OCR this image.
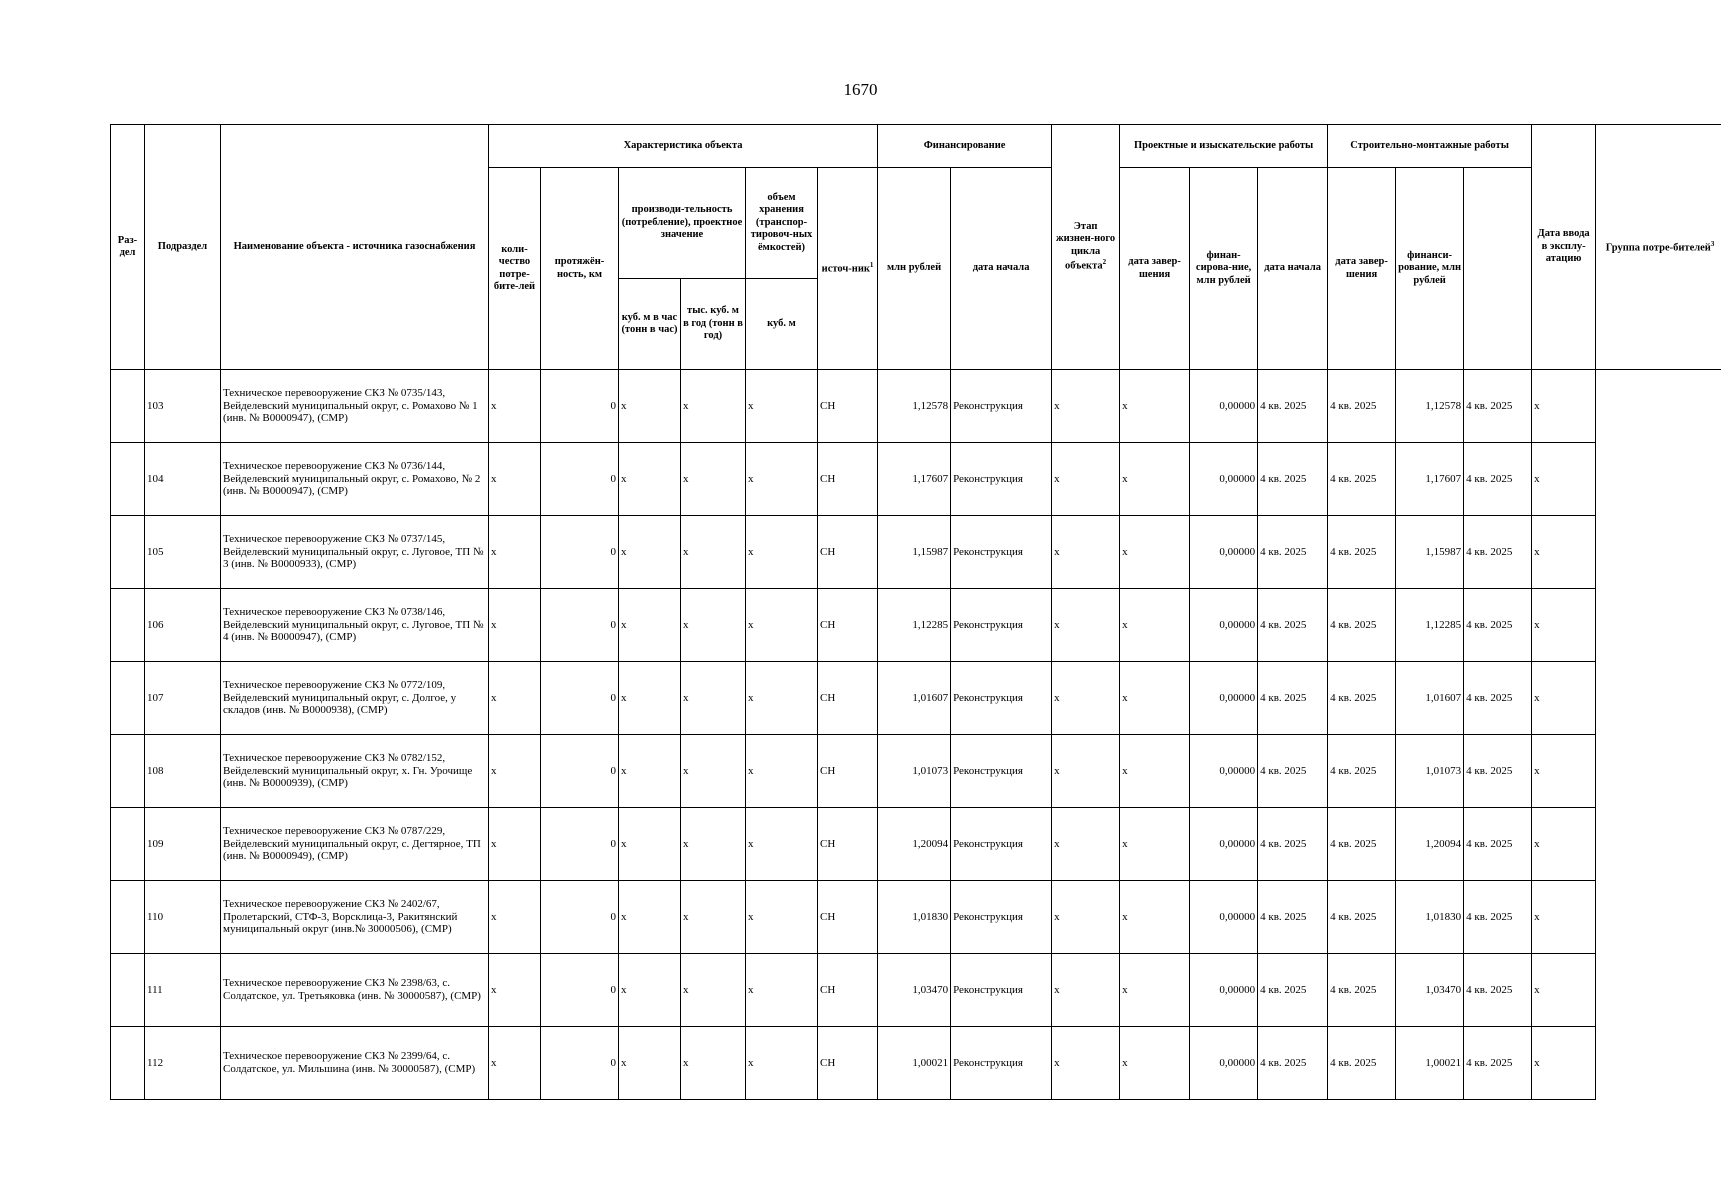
1670
Раз- дел	Подраздел	Наименование объекта - источника газоснабжения	Характеристика объекта						Финансирование		Этап жизнен-ного цикла объекта$^2$	Проектные и изыскательские работы			Строительно-монтажные работы			Дата ввода в эксплу-атацию	Группа потре-бителей$^3$
			коли-чество потре-бите-лей	протяжён-ность, км	производи-тельность (потребление), проектное значение		объем хранения (транспор-тировоч-ных ёмкостей)	источ-ник$^1$	млн рублей	дата начала		дата завер-шения	финан-сирова-ние, млн рублей	дата начала	дата завер-шения	финанси-рование, млн рублей		
					куб. м в час (тонн в час)	тыс. куб. м в год (тонн в год)	куб. м												
	103	Техническое перевооружение СКЗ № 0735/143, Вейделевский муниципальный округ, с. Ромахово № 1 (инв. № В0000947), (СМР)	х	0	х	х	х	СН	1,12578	Реконструкция	х	х	0,00000	4 кв. 2025	4 кв. 2025	1,12578	4 кв. 2025	х	
	104	Техническое перевооружение СКЗ № 0736/144, Вейделевский муниципальный округ, с. Ромахово, № 2 (инв. № В0000947), (СМР)	х	0	х	х	х	СН	1,17607	Реконструкция	х	х	0,00000	4 кв. 2025	4 кв. 2025	1,17607	4 кв. 2025	х	
	105	Техническое перевооружение СКЗ № 0737/145, Вейделевский муниципальный округ, с. Луговое, ТП № 3 (инв. № В0000933), (СМР)	х	0	х	х	х	СН	1,15987	Реконструкция	х	х	0,00000	4 кв. 2025	4 кв. 2025	1,15987	4 кв. 2025	х	
	106	Техническое перевооружение СКЗ № 0738/146, Вейделевский муниципальный округ, с. Луговое, ТП № 4 (инв. № В0000947), (СМР)	х	0	х	х	х	СН	1,12285	Реконструкция	х	х	0,00000	4 кв. 2025	4 кв. 2025	1,12285	4 кв. 2025	х	
	107	Техническое перевооружение СКЗ № 0772/109, Вейделевский муниципальный округ, с. Долгое, у складов (инв. № В0000938), (СМР)	х	0	х	х	х	СН	1,01607	Реконструкция	х	х	0,00000	4 кв. 2025	4 кв. 2025	1,01607	4 кв. 2025	х	
	108	Техническое перевооружение СКЗ № 0782/152, Вейделевский муниципальный округ, х. Гн. Урочище (инв. № В0000939), (СМР)	х	0	х	х	х	СН	1,01073	Реконструкция	х	х	0,00000	4 кв. 2025	4 кв. 2025	1,01073	4 кв. 2025	х	
	109	Техническое перевооружение СКЗ № 0787/229, Вейделевский муниципальный округ, с. Дегтярное, ТП (инв. № В0000949), (СМР)	х	0	х	х	х	СН	1,20094	Реконструкция	х	х	0,00000	4 кв. 2025	4 кв. 2025	1,20094	4 кв. 2025	х	
	110	Техническое перевооружение СКЗ № 2402/67, Пролетарский, СТФ-3, Ворсклица-3, Ракитянский муниципальный округ (инв.№ 30000506), (СМР)	х	0	х	х	х	СН	1,01830	Реконструкция	х	х	0,00000	4 кв. 2025	4 кв. 2025	1,01830	4 кв. 2025	х	
	111	Техническое перевооружение СКЗ № 2398/63, с. Солдатское, ул. Третьяковка (инв. № 30000587), (СМР)	х	0	х	х	х	СН	1,03470	Реконструкция	х	х	0,00000	4 кв. 2025	4 кв. 2025	1,03470	4 кв. 2025	х	
	112	Техническое перевооружение СКЗ № 2399/64, с. Солдатское, ул. Мильшина (инв. № 30000587), (СМР)	х	0	х	х	х	СН	1,00021	Реконструкция	х	х	0,00000	4 кв. 2025	4 кв. 2025	1,00021	4 кв. 2025	х	
